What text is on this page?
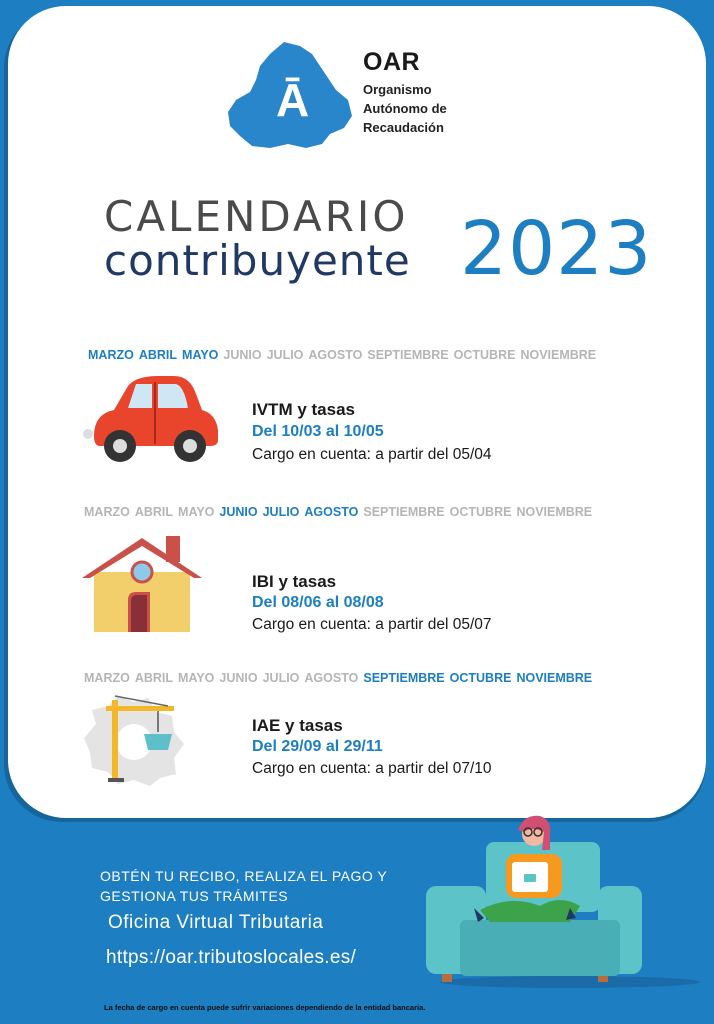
Ā
OAR
Organismo
Autónomo de
Recaudación
CALENDARIO
contribuyente 2023
MARZO ABRIL MAYO JUNIO JULIO AGOSTO SEPTIEMBRE OCTUBRE NOVIEMBRE
IVTM y tasas
Del 10/03 al 10/05
Cargo en cuenta: a partir del 05/04
MARZO ABRIL MAYO JUNIO JULIO AGOSTO SEPTIEMBRE OCTUBRE NOVIEMBRE
IBI y tasas
Del 08/06 al 08/08
Cargo en cuenta: a partir del 05/07
MARZO ABRIL MAYO JUNIO JULIO AGOSTO SEPTIEMBRE OCTUBRE NOVIEMBRE
IAE y tasas
Del 29/09 al 29/11
Cargo en cuenta: a partir del 07/10
OBTÉN TU RECIBO, REALIZA EL PAGO Y
GESTIONA TUS TRÁMITES
Oficina Virtual Tributaria
https://oar.tributoslocales.es/
La fecha de cargo en cuenta puede sufrir variaciones dependiendo de la entidad bancaria.
